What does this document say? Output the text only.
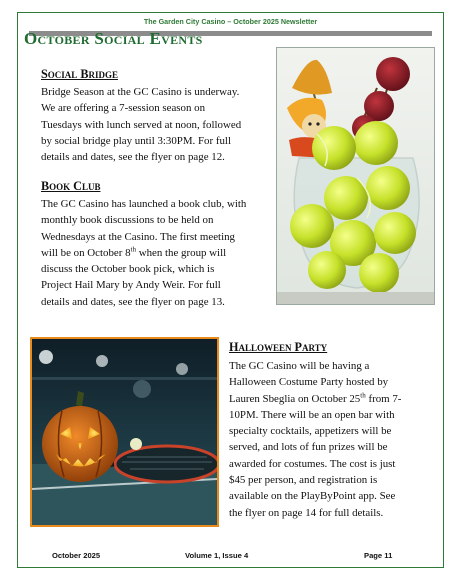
The Garden City Casino – October 2025 Newsletter
October Social Events
Social Bridge
Bridge Season at the GC Casino is underway.
We are offering a 7-session season on
Tuesdays with lunch served at noon, followed
by social bridge play until 3:30PM. For full
details and dates, see the flyer on page 12.
Book Club
The GC Casino has launched a book club, with
monthly book discussions to be held on
Wednesdays at the Casino. The first meeting
will be on October 8th when the group will
discuss the October book pick, which is
Project Hail Mary by Andy Weir. For full
details and dates, see the flyer on page 13.
Halloween Party
The GC Casino will be having a
Halloween Costume Party hosted by
Lauren Sbeglia on October 25th from 7-
10PM. There will be an open bar with
specialty cocktails, appetizers will be
served, and lots of fun prizes will be
awarded for costumes. The cost is just
$45 per person, and registration is
available on the PlayByPoint app. See
the flyer on page 14 for full details.
October 2025	Volume 1, Issue 4	Page 11
